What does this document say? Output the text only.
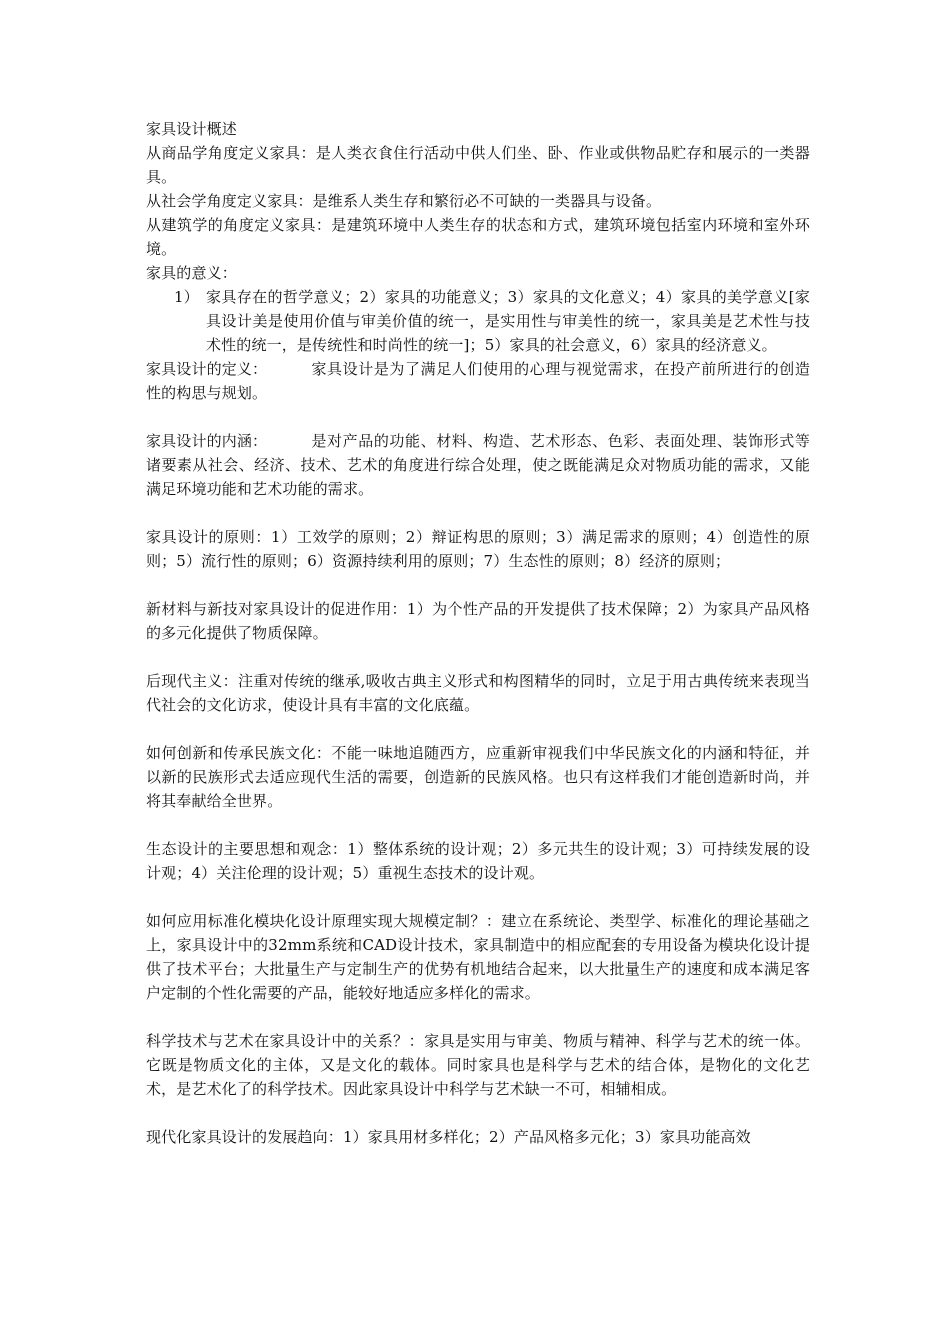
家具设计概述

从商品学角度定义家具：是人类衣食住行活动中供人们坐、卧、作业或供物品贮存和展示的一类器具。

从社会学角度定义家具：是维系人类生存和繁衍必不可缺的一类器具与设备。

从建筑学的角度定义家具：是建筑环境中人类生存的状态和方式，建筑环境包括室内环境和室外环境。

家具的意义：

1） 家具存在的哲学意义；2）家具的功能意义；3）家具的文化意义；4）家具的美学意义[家具设计美是使用价值与审美价值的统一，是实用性与审美性的统一，家具美是艺术性与技术性的统一，是传统性和时尚性的统一]；5）家具的社会意义，6）家具的经济意义。

家具设计的定义：	家具设计是为了满足人们使用的心理与视觉需求，在投产前所进行的创造性的构思与规划。

家具设计的内涵：	是对产品的功能、材料、构造、艺术形态、色彩、表面处理、装饰形式等诸要素从社会、经济、技术、艺术的角度进行综合处理，使之既能满足众对物质功能的需求，又能满足环境功能和艺术功能的需求。

家具设计的原则：1）工效学的原则；2）辩证构思的原则；3）满足需求的原则；4）创造性的原则；5）流行性的原则；6）资源持续利用的原则；7）生态性的原则；8）经济的原则；

新材料与新技对家具设计的促进作用：1）为个性产品的开发提供了技术保障；2）为家具产品风格的多元化提供了物质保障。

后现代主义：注重对传统的继承,吸收古典主义形式和构图精华的同时，立足于用古典传统来表现当代社会的文化访求，使设计具有丰富的文化底蕴。

如何创新和传承民族文化：不能一味地追随西方，应重新审视我们中华民族文化的内涵和特征，并以新的民族形式去适应现代生活的需要，创造新的民族风格。也只有这样我们才能创造新时尚，并将其奉献给全世界。

生态设计的主要思想和观念：1）整体系统的设计观；2）多元共生的设计观；3）可持续发展的设计观；4）关注伦理的设计观；5）重视生态技术的设计观。

如何应用标准化模块化设计原理实现大规模定制？：建立在系统论、类型学、标准化的理论基础之上，家具设计中的32mm系统和CAD设计技术，家具制造中的相应配套的专用设备为模块化设计提供了技术平台；大批量生产与定制生产的优势有机地结合起来，以大批量生产的速度和成本满足客户定制的个性化需要的产品，能较好地适应多样化的需求。

科学技术与艺术在家具设计中的关系？：家具是实用与审美、物质与精神、科学与艺术的统一体。它既是物质文化的主体，又是文化的载体。同时家具也是科学与艺术的结合体，是物化的文化艺术，是艺术化了的科学技术。因此家具设计中科学与艺术缺一不可，相辅相成。

现代化家具设计的发展趋向：1）家具用材多样化；2）产品风格多元化；3）家具功能高效
